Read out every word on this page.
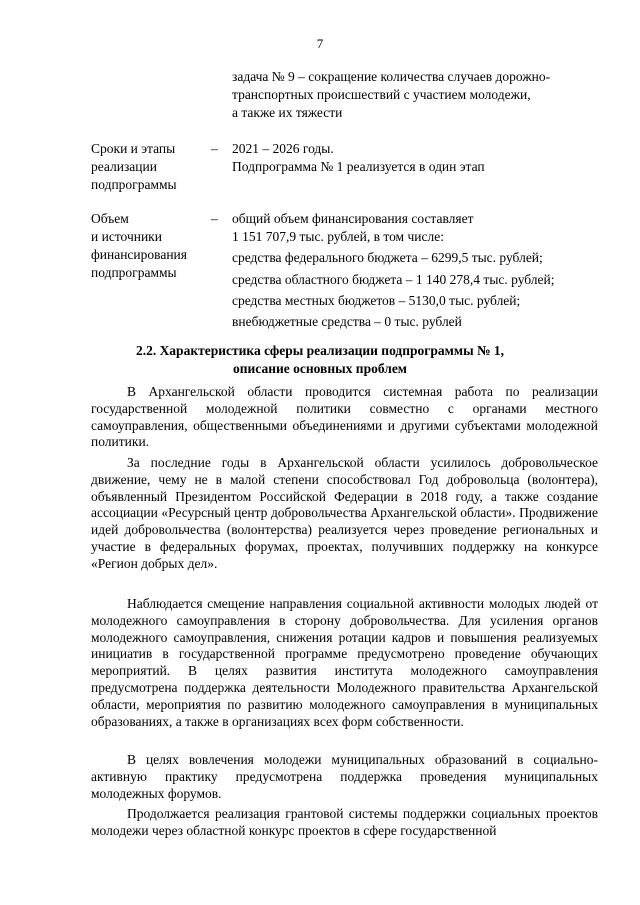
7
задача № 9 – сокращение количества случаев дорожно-
транспортных происшествий с участием молодежи,
а также их тяжести
Сроки и этапы
реализации
подпрограммы
– 2021 – 2026 годы.
Подпрограмма № 1 реализуется в один этап
Объем
и источники
финансирования
подпрограммы
– общий объем финансирования составляет
1 151 707,9 тыс. рублей, в том числе:
средства федерального бюджета – 6299,5 тыс. рублей;
средства областного бюджета – 1 140 278,4 тыс. рублей;
средства местных бюджетов – 5130,0 тыс. рублей;
внебюджетные средства – 0 тыс. рублей
2.2. Характеристика сферы реализации подпрограммы № 1,
описание основных проблем

В Архангельской области проводится системная работа по реализации государственной молодежной политики совместно с органами местного самоуправления, общественными объединениями и другими субъектами молодежной политики.

За последние годы в Архангельской области усилилось добровольческое движение, чему не в малой степени способствовал Год добровольца (волонтера), объявленный Президентом Российской Федерации в 2018 году, а также создание ассоциации «Ресурсный центр добровольчества Архангельской области». Продвижение идей добровольчества (волонтерства) реализуется через проведение региональных и участие в федеральных форумах, проектах, получивших поддержку на конкурсе «Регион добрых дел».

Наблюдается смещение направления социальной активности молодых людей от молодежного самоуправления в сторону добровольчества. Для усиления органов молодежного самоуправления, снижения ротации кадров и повышения реализуемых инициатив в государственной программе предусмотрено проведение обучающих мероприятий. В целях развития института молодежного самоуправления предусмотрена поддержка деятельности Молодежного правительства Архангельской области, мероприятия по развитию молодежного самоуправления в муниципальных образованиях, а также в организациях всех форм собственности.

В целях вовлечения молодежи муниципальных образований в социально-активную практику предусмотрена поддержка проведения муниципальных молодежных форумов.

Продолжается реализация грантовой системы поддержки социальных проектов молодежи через областной конкурс проектов в сфере государственной
